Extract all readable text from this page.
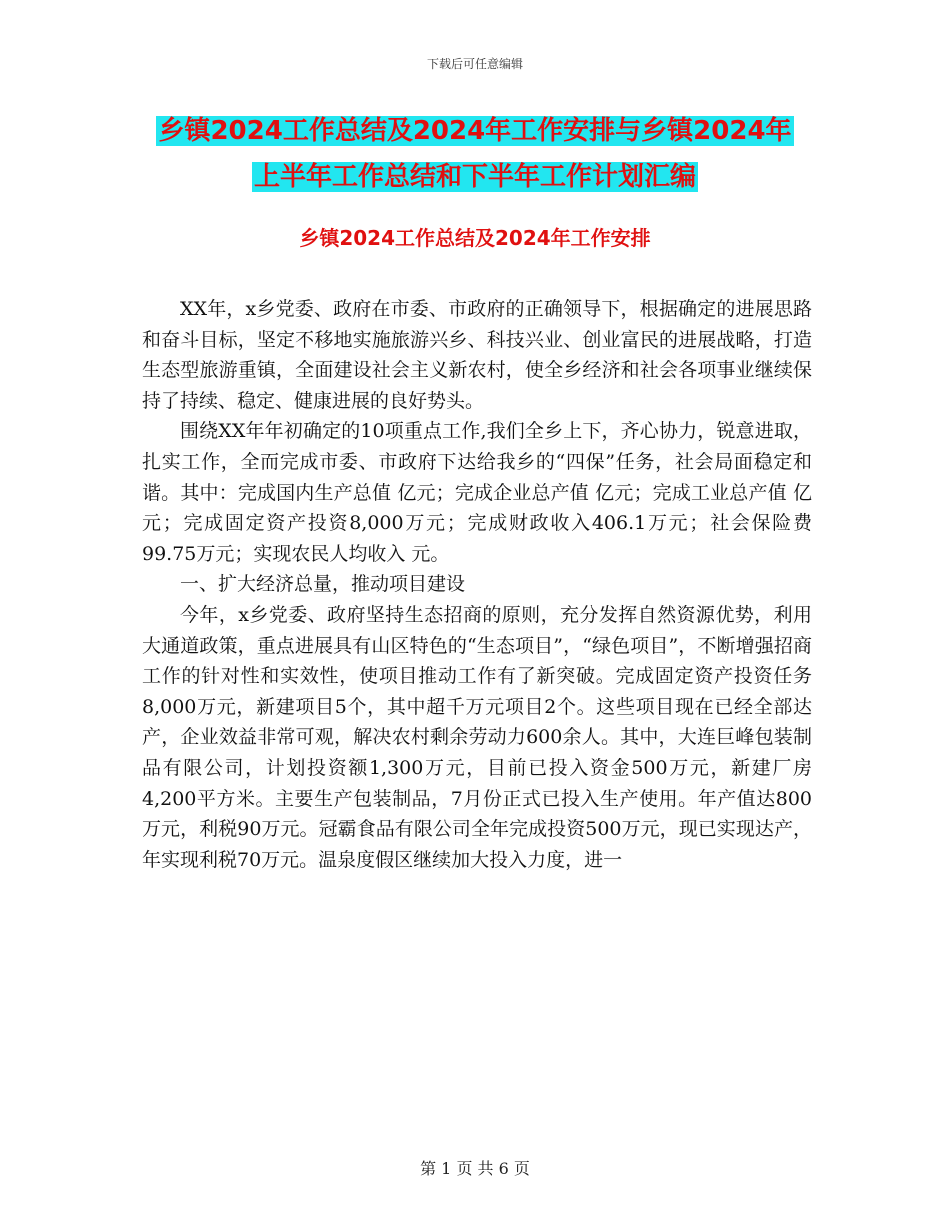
下载后可任意编辑
乡镇2024工作总结及2024年工作安排与乡镇2024年
上半年工作总结和下半年工作计划汇编
乡镇2024工作总结及2024年工作安排

XX年，x乡党委、政府在市委、市政府的正确领导下，根据确定的进展思路和奋斗目标，坚定不移地实施旅游兴乡、科技兴业、创业富民的进展战略，打造生态型旅游重镇，全面建设社会主义新农村，使全乡经济和社会各项事业继续保持了持续、稳定、健康进展的良好势头。

围绕XX年年初确定的10项重点工作,我们全乡上下，齐心协力，锐意进取，扎实工作，全而完成市委、市政府下达给我乡的“四保”任务，社会局面稳定和谐。其中：完成国内生产总值 亿元；完成企业总产值 亿元；完成工业总产值 亿元；完成固定资产投资8,000万元；完成财政收入406.1万元；社会保险费99.75万元；实现农民人均收入 元。

一、扩大经济总量，推动项目建设

今年，x乡党委、政府坚持生态招商的原则，充分发挥自然资源优势，利用大通道政策，重点进展具有山区特色的“生态项目”，“绿色项目”，不断增强招商工作的针对性和实效性，使项目推动工作有了新突破。完成固定资产投资任务8,000万元，新建项目5个，其中超千万元项目2个。这些项目现在已经全部达产，企业效益非常可观，解决农村剩余劳动力600余人。其中，大连巨峰包装制品有限公司，计划投资额1,300万元，目前已投入资金500万元，新建厂房4,200平方米。主要生产包装制品，7月份正式已投入生产使用。年产值达800万元，利税90万元。冠霸食品有限公司全年完成投资500万元，现已实现达产，年实现利税70万元。温泉度假区继续加大投入力度，进一

第 1 页 共 6 页
